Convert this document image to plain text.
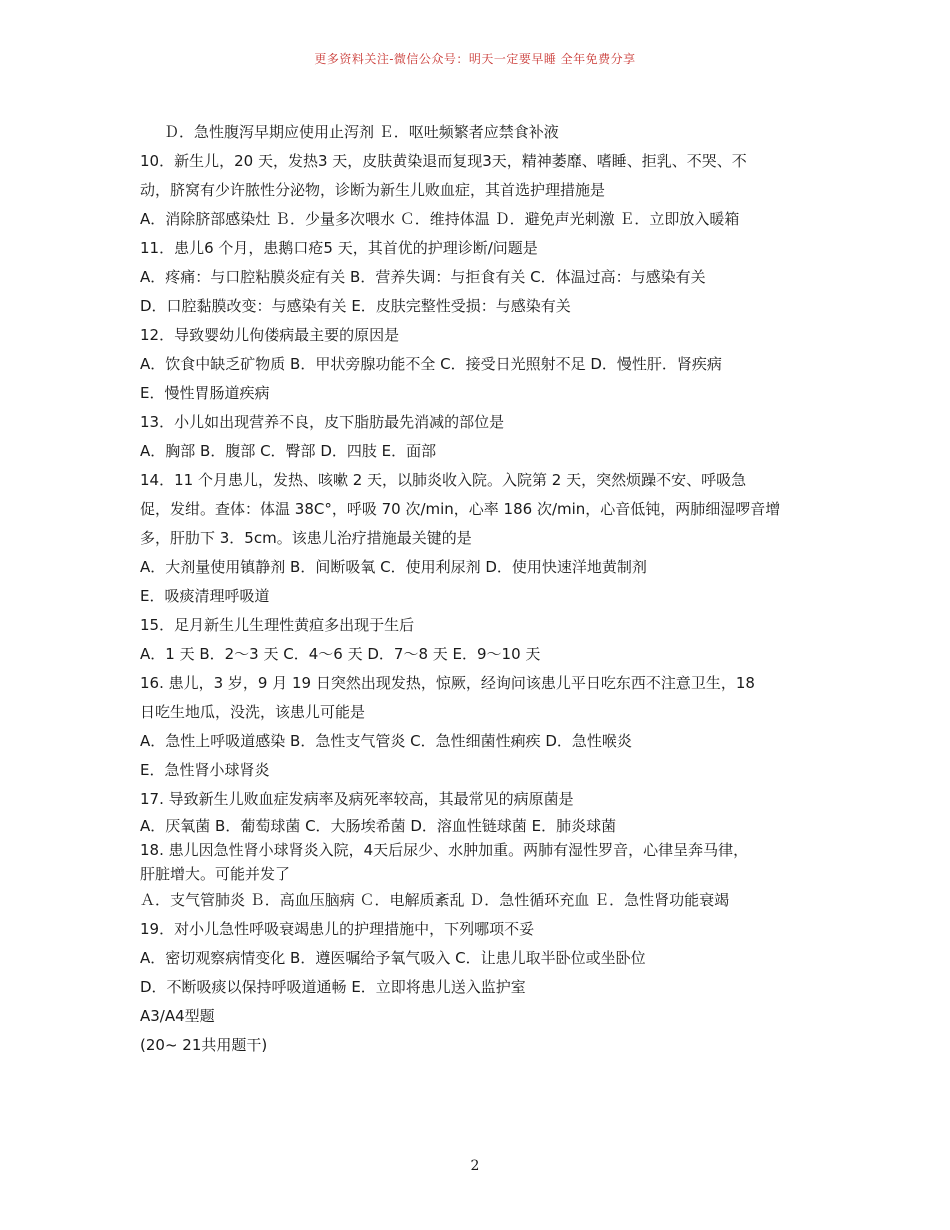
更多资料关注-微信公众号：明天一定要早睡 全年免费分享
Ｄ．急性腹泻早期应使用止泻剂 Ｅ．呕吐频繁者应禁食补液
10．新生儿，20 天，发热3 天，皮肤黄染退而复现3天，精神萎靡、嗜睡、拒乳、不哭、不
动，脐窝有少许脓性分泌物，诊断为新生儿败血症，其首选护理措施是
A．消除脐部感染灶 Ｂ．少量多次喂水 Ｃ．维持体温 Ｄ．避免声光刺激 Ｅ．立即放入暖箱
11．患儿6 个月，患鹅口疮5 天，其首优的护理诊断/问题是
A．疼痛：与口腔粘膜炎症有关 B．营养失调：与拒食有关 C．体温过高：与感染有关
D．口腔黏膜改变：与感染有关 E．皮肤完整性受损：与感染有关
12．导致婴幼儿佝偻病最主要的原因是
A．饮食中缺乏矿物质 B．甲状旁腺功能不全 C．接受日光照射不足 D．慢性肝．肾疾病
E．慢性胃肠道疾病
13．小儿如出现营养不良，皮下脂肪最先消减的部位是
A．胸部 B．腹部 C．臀部 D．四肢 E．面部
14．11 个月患儿，发热、咳嗽 2 天，以肺炎收入院。入院第 2 天，突然烦躁不安、呼吸急
促，发绀。查体：体温 38C°，呼吸 70 次/min，心率 186 次/min，心音低钝，两肺细湿啰音增
多，肝肋下 3．5cm。该患儿治疗措施最关键的是
A．大剂量使用镇静剂 B．间断吸氧 C．使用利尿剂 D．使用快速洋地黄制剂
E．吸痰清理呼吸道
15．足月新生儿生理性黄疸多出现于生后
A．1 天 B．2～3 天 C．4～6 天 D．7～8 天 E．9～10 天
16. 患儿，3 岁，9 月 19 日突然出现发热，惊厥，经询问该患儿平日吃东西不注意卫生，18
日吃生地瓜，没洗，该患儿可能是
A．急性上呼吸道感染 B．急性支气管炎 C．急性细菌性痢疾 D．急性喉炎
E．急性肾小球肾炎
17. 导致新生儿败血症发病率及病死率较高，其最常见的病原菌是
A．厌氧菌 B．葡萄球菌 C．大肠埃希菌 D．溶血性链球菌 E．肺炎球菌
18. 患儿因急性肾小球肾炎入院，4天后尿少、水肿加重。两肺有湿性罗音，心律呈奔马律，
肝脏增大。可能并发了
Ａ．支气管肺炎 Ｂ．高血压脑病 Ｃ．电解质紊乱 Ｄ．急性循环充血 Ｅ．急性肾功能衰竭
19．对小儿急性呼吸衰竭患儿的护理措施中，下列哪项不妥
A．密切观察病情变化 B．遵医嘱给予氧气吸入 C．让患儿取半卧位或坐卧位
D．不断吸痰以保持呼吸道通畅 E．立即将患儿送入监护室
A3/A4型题
(20~ 21共用题干)
2
